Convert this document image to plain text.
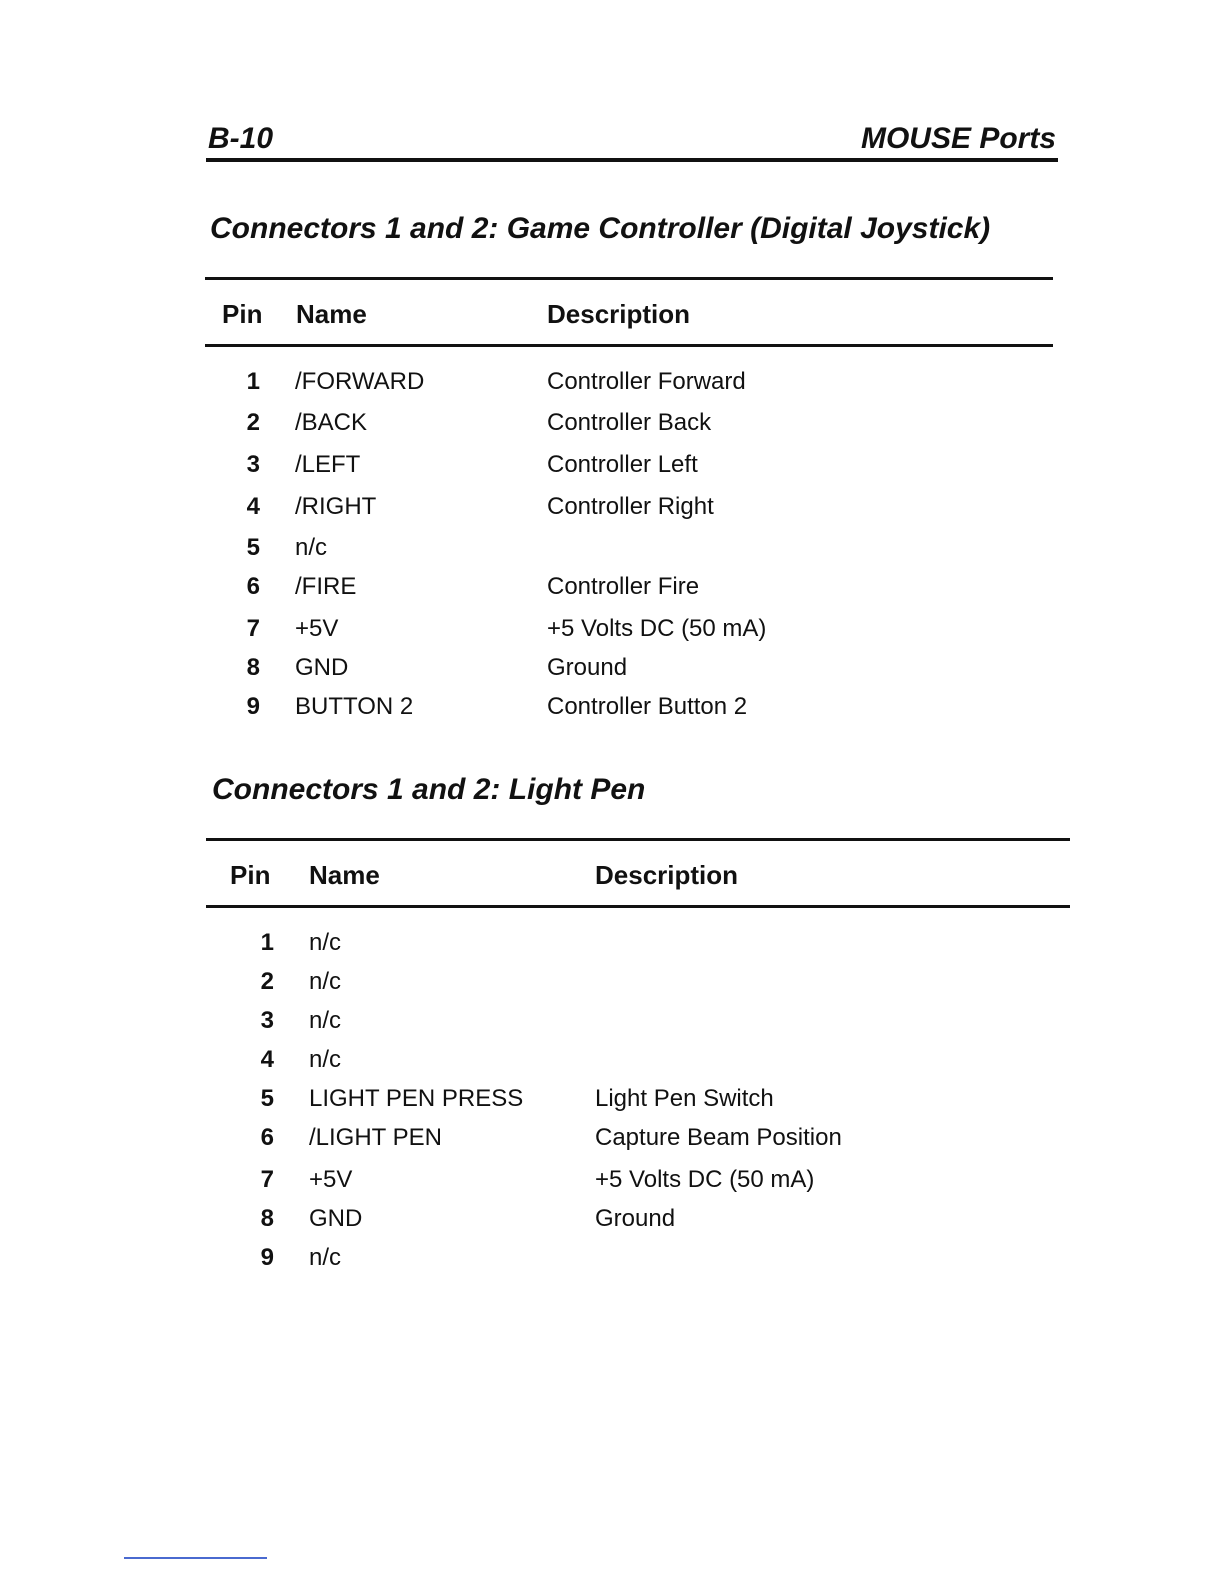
B-10	MOUSE Ports
Connectors 1 and 2: Game Controller (Digital Joystick)
Pin Name	Description
1 /FORWARD	Controller Forward
2 /BACK	Controller Back
3 /LEFT	Controller Left
4 /RIGHT	Controller Right
5 n/c
6 /FIRE	Controller Fire
7 +5V	+5 Volts DC (50 mA)
8 GND	Ground
9 BUTTON 2	Controller Button 2
Connectors 1 and 2: Light Pen
Pin Name	Description
1 n/c
2 n/c
3 n/c
4 n/c
5 LIGHT PEN PRESS	Light Pen Switch
6 /LIGHT PEN	Capture Beam Position
7 +5V	+5 Volts DC (50 mA)
8 GND	Ground
9 n/c
